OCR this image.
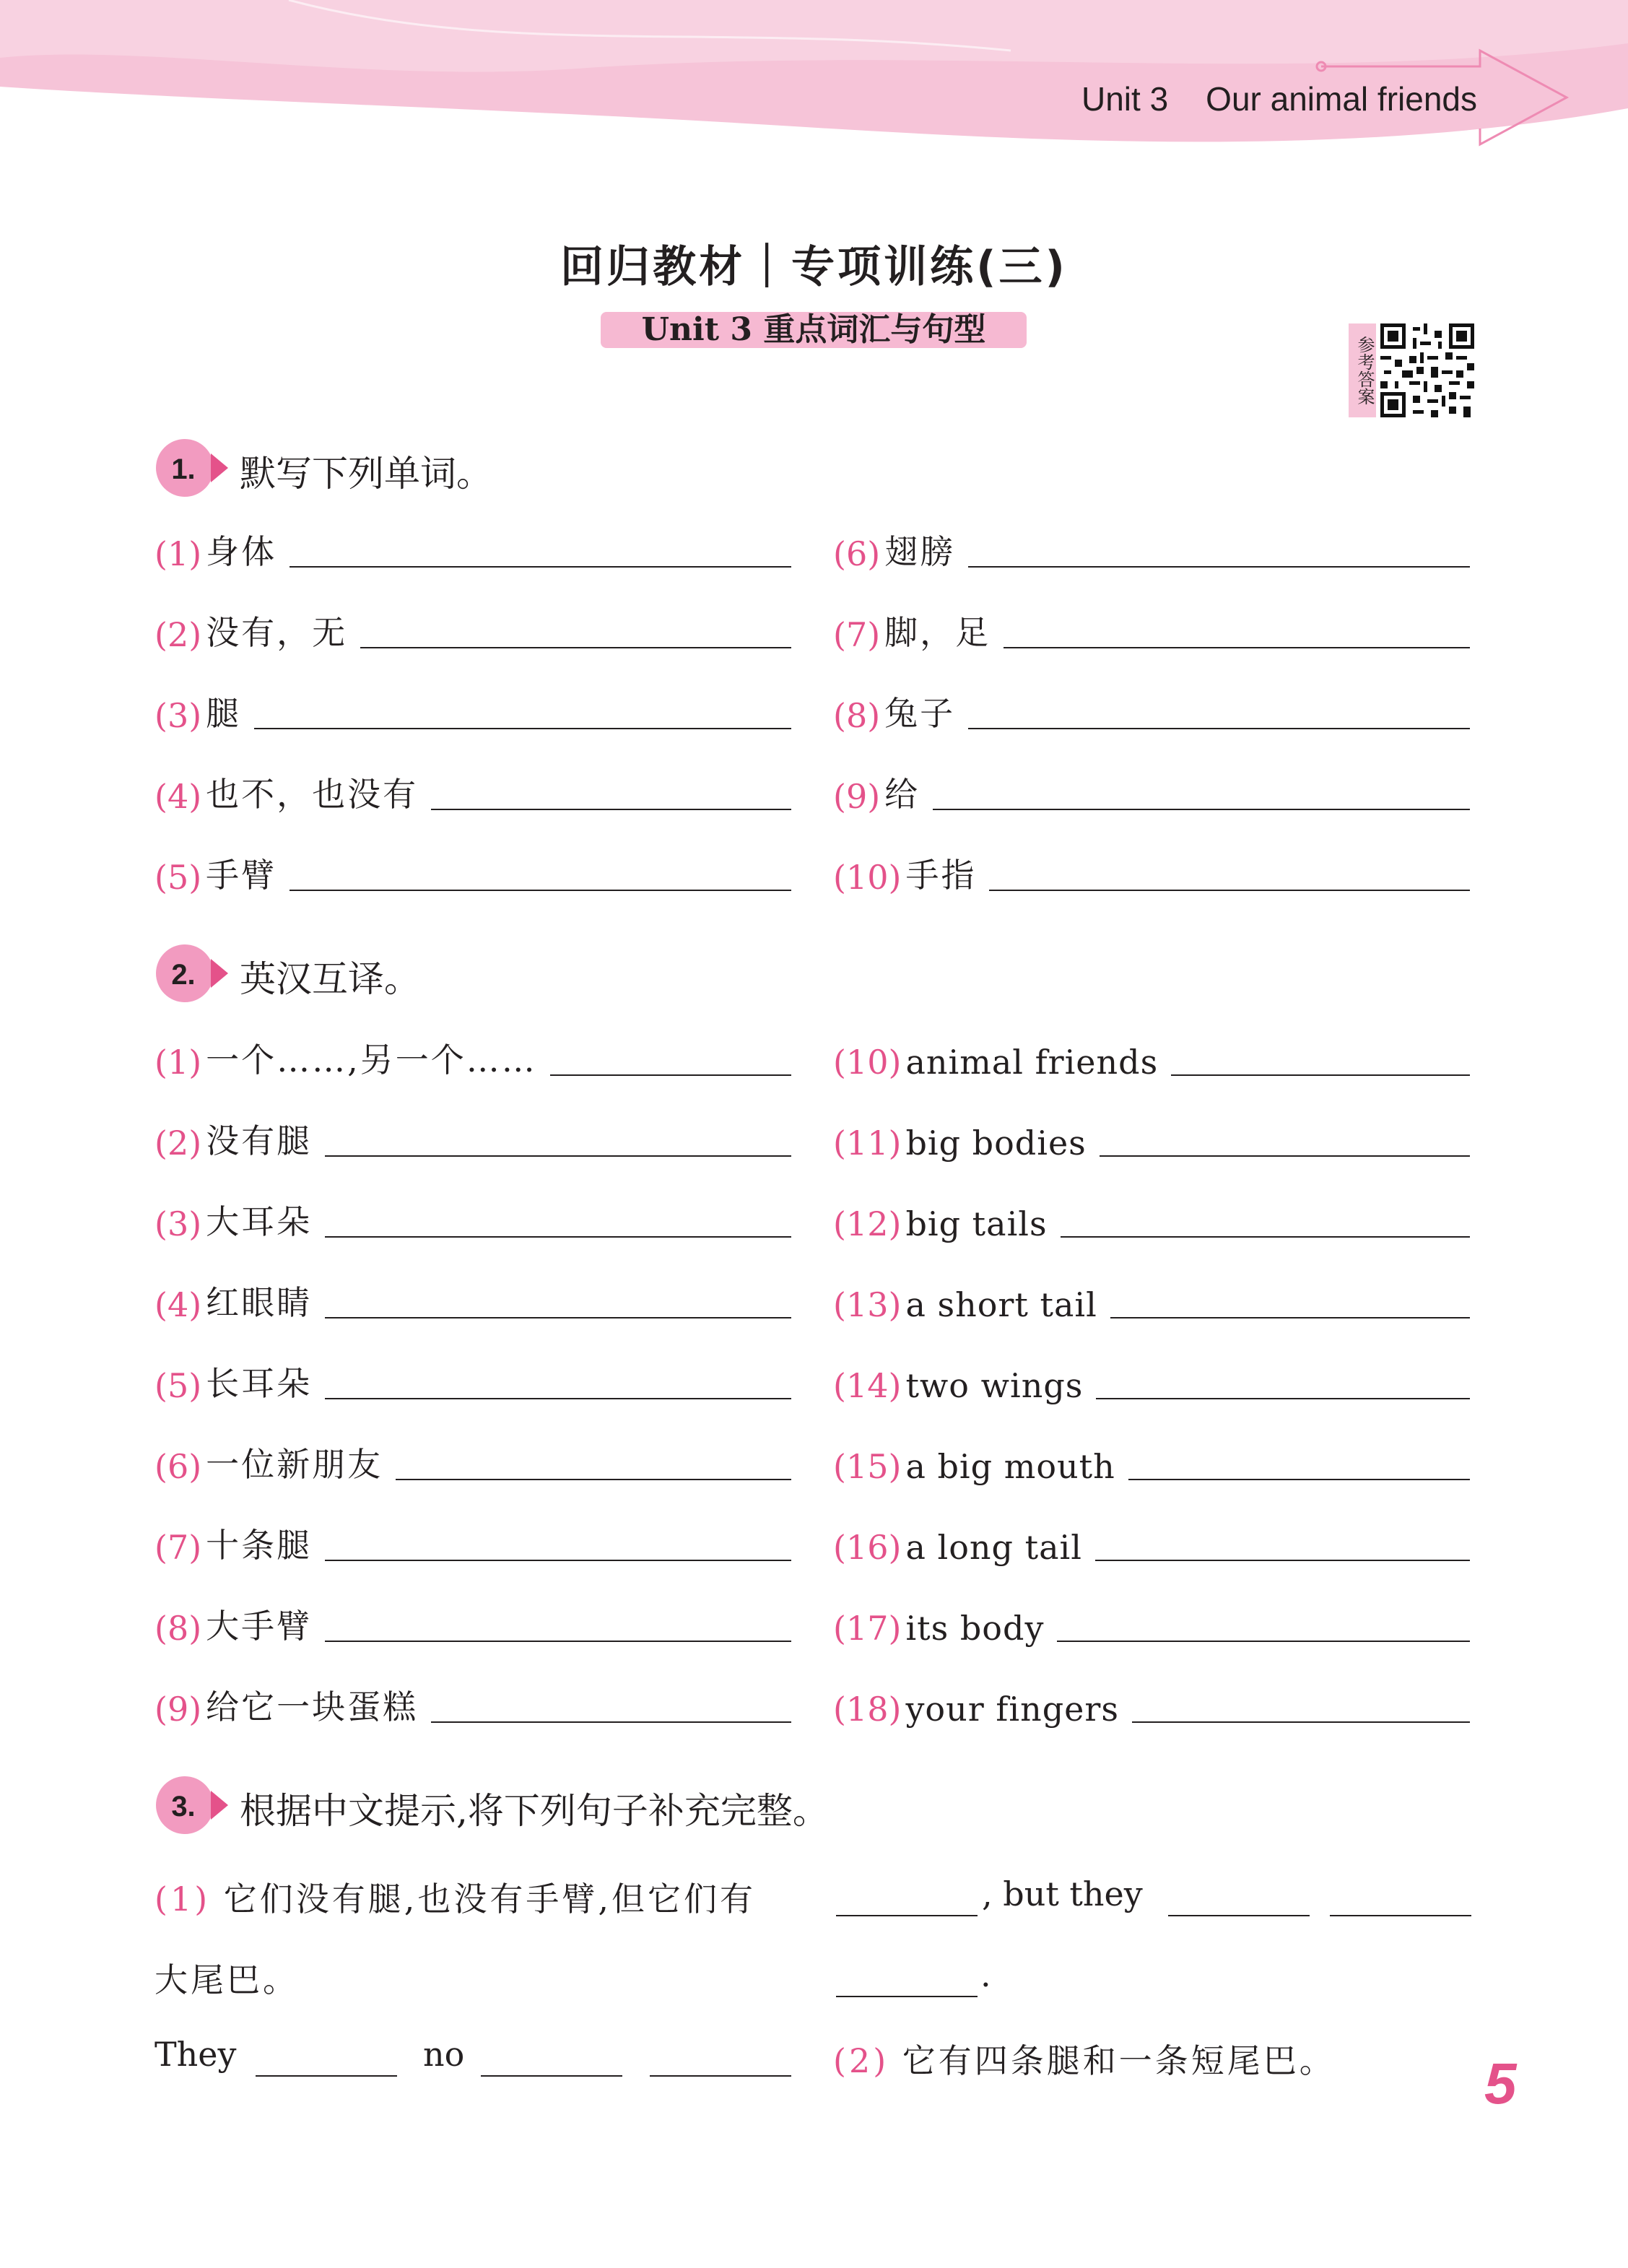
Unit 3 Our animal friends
回归教材｜专项训练(三)
Unit 3 重点词汇与句型
参考答案
1. 默写下列单词。
(1) 身体
(2) 没有，无
(3) 腿
(4) 也不，也没有
(5) 手臂
(6) 翅膀
(7) 脚，足
(8) 兔子
(9) 给
(10) 手指
2. 英汉互译。
(1) 一个……,另一个……
(2) 没有腿
(3) 大耳朵
(4) 红眼睛
(5) 长耳朵
(6) 一位新朋友
(7) 十条腿
(8) 大手臂
(9) 给它一块蛋糕
(10) animal friends
(11) big bodies
(12) big tails
(13) a short tail
(14) two wings
(15) a big mouth
(16) a long tail
(17) its body
(18) your fingers
3. 根据中文提示,将下列句子补充完整。
(1) 它们没有腿,也没有手臂,但它们有
大尾巴。
They	no
, but they
.
(2) 它有四条腿和一条短尾巴。	5
